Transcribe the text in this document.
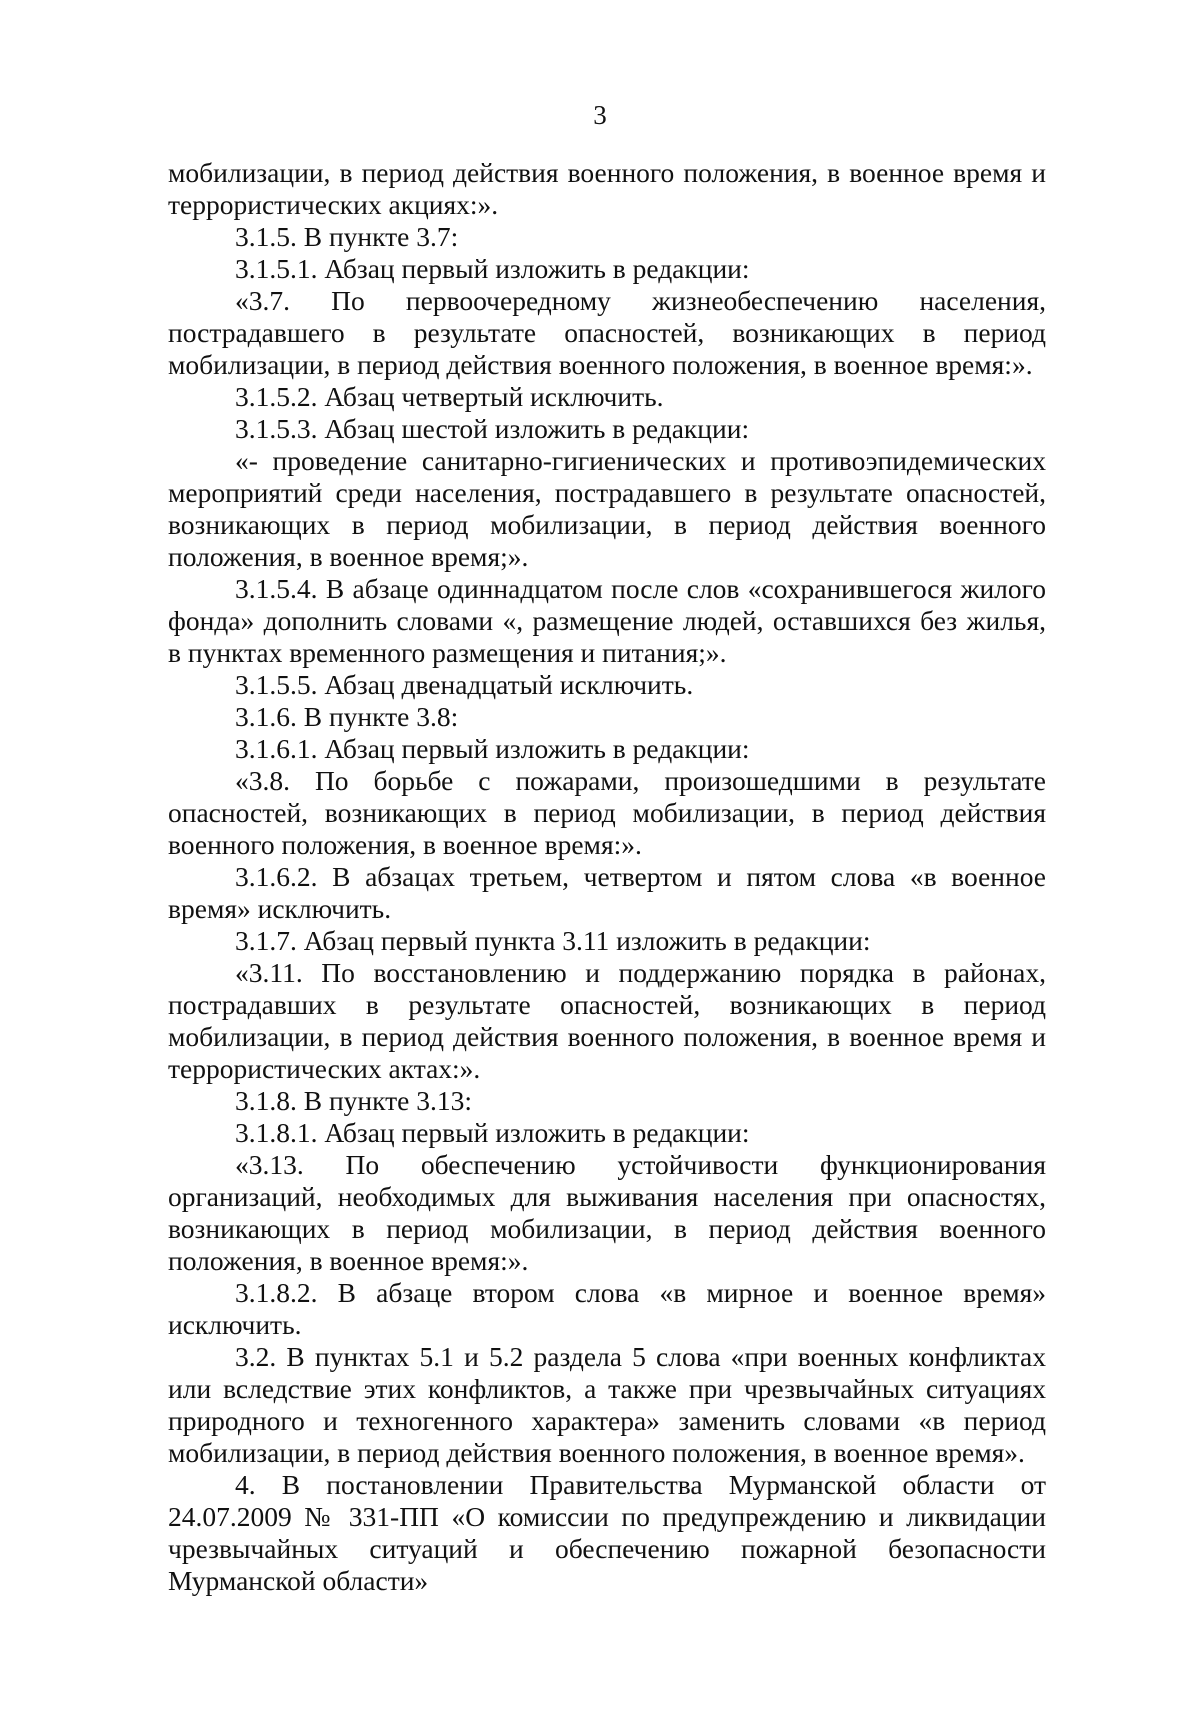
3

мобилизации, в период действия военного положения, в военное время и террористических акциях:».

3.1.5. В пункте 3.7:

3.1.5.1. Абзац первый изложить в редакции:

«3.7. По первоочередному жизнеобеспечению населения, пострадавшего в результате опасностей, возникающих в период мобилизации, в период действия военного положения, в военное время:».

3.1.5.2. Абзац четвертый исключить.

3.1.5.3. Абзац шестой изложить в редакции:

«- проведение санитарно-гигиенических и противоэпидемических мероприятий среди населения, пострадавшего в результате опасностей, возникающих в период мобилизации, в период действия военного положения, в военное время;».

3.1.5.4. В абзаце одиннадцатом после слов «сохранившегося жилого фонда» дополнить словами «, размещение людей, оставшихся без жилья, в пунктах временного размещения и питания;».

3.1.5.5. Абзац двенадцатый исключить.

3.1.6. В пункте 3.8:

3.1.6.1. Абзац первый изложить в редакции:

«3.8. По борьбе с пожарами, произошедшими в результате опасностей, возникающих в период мобилизации, в период действия военного положения, в военное время:».

3.1.6.2. В абзацах третьем, четвертом и пятом слова «в военное время» исключить.

3.1.7. Абзац первый пункта 3.11 изложить в редакции:

«3.11. По восстановлению и поддержанию порядка в районах, пострадавших в результате опасностей, возникающих в период мобилизации, в период действия военного положения, в военное время и террористических актах:».

3.1.8. В пункте 3.13:

3.1.8.1. Абзац первый изложить в редакции:

«3.13. По обеспечению устойчивости функционирования организаций, необходимых для выживания населения при опасностях, возникающих в период мобилизации, в период действия военного положения, в военное время:».

3.1.8.2. В абзаце втором слова «в мирное и военное время» исключить.

3.2. В пунктах 5.1 и 5.2 раздела 5 слова «при военных конфликтах или вследствие этих конфликтов, а также при чрезвычайных ситуациях природного и техногенного характера» заменить словами «в период мобилизации, в период действия военного положения, в военное время».

4. В постановлении Правительства Мурманской области от 24.07.2009 № 331-ПП «О комиссии по предупреждению и ликвидации чрезвычайных ситуаций и обеспечению пожарной безопасности Мурманской области»
